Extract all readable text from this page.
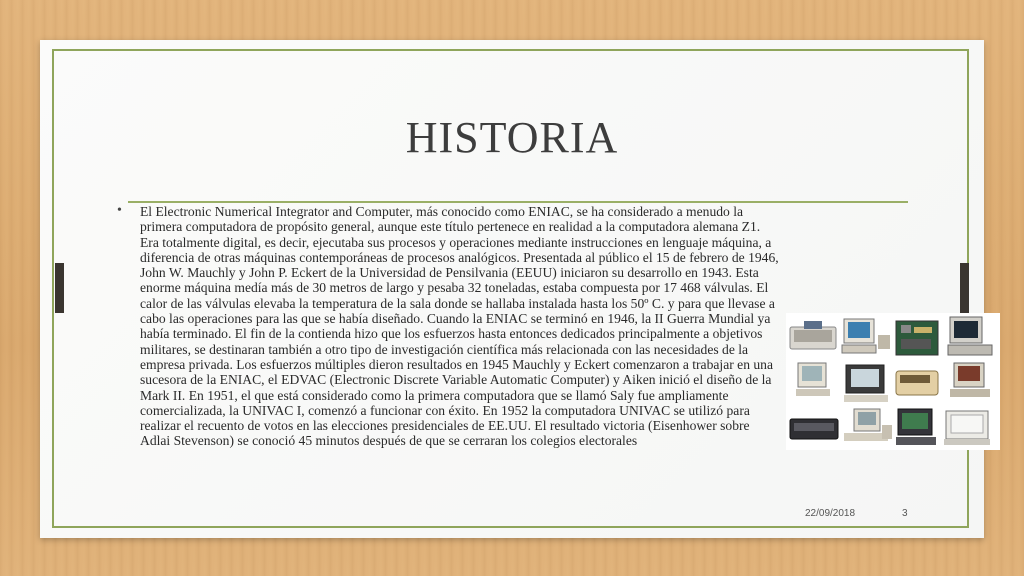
HISTORIA
• El Electronic Numerical Integrator and Computer, más conocido como ENIAC, se ha considerado a menudo la primera computadora de propósito general, aunque este título pertenece en realidad a la computadora alemana Z1. Era totalmente digital, es decir, ejecutaba sus procesos y operaciones mediante instrucciones en lenguaje máquina, a diferencia de otras máquinas contemporáneas de procesos analógicos. Presentada al público el 15 de febrero de 1946, John W. Mauchly y John P. Eckert de la Universidad de Pensilvania (EEUU) iniciaron su desarrollo en 1943. Esta enorme máquina medía más de 30 metros de largo y pesaba 32 toneladas, estaba compuesta por 17 468 válvulas. El calor de las válvulas elevaba la temperatura de la sala donde se hallaba instalada hasta los 50º C. y para que llevase a cabo las operaciones para las que se había diseñado. Cuando la ENIAC se terminó en 1946, la II Guerra Mundial ya había terminado. El fin de la contienda hizo que los esfuerzos hasta entonces dedicados principalmente a objetivos militares, se destinaran también a otro tipo de investigación científica más relacionada con las necesidades de la empresa privada. Los esfuerzos múltiples dieron resultados en 1945 Mauchly y Eckert comenzaron a trabajar en una sucesora de la ENIAC, el EDVAC (Electronic Discrete Variable Automatic Computer) y Aiken inició el diseño de la Mark II. En 1951, el que está considerado como la primera computadora que se llamó Saly fue ampliamente comercializada, la UNIVAC I, comenzó a funcionar con éxito. En 1952 la computadora UNIVAC se utilizó para realizar el recuento de votos en las elecciones presidenciales de EE.UU. El resultado victoria (Eisenhower sobre Adlai Stevenson) se conoció 45 minutos después de que se cerraran los colegios electorales

22/09/2018	3
